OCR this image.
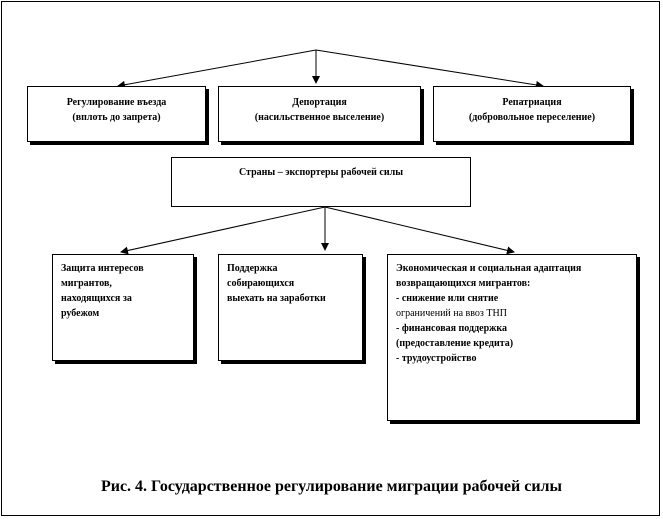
Регулирование въезда
(вплоть до запрета)
Депортация
(насильственное выселение)
Репатриация
(добровольное переселение)
Страны – экспортеры рабочей силы
Защита интересов
мигрантов,
находящихся за
рубежом
Поддержка
собирающихся
выехать на заработки
Экономическая и социальная адаптация
возвращающихся мигрантов:
- снижение или снятие
ограничений на ввоз ТНП
- финансовая поддержка
(предоставление кредита)
- трудоустройство
Рис. 4. Государственное регулирование миграции рабочей силы
